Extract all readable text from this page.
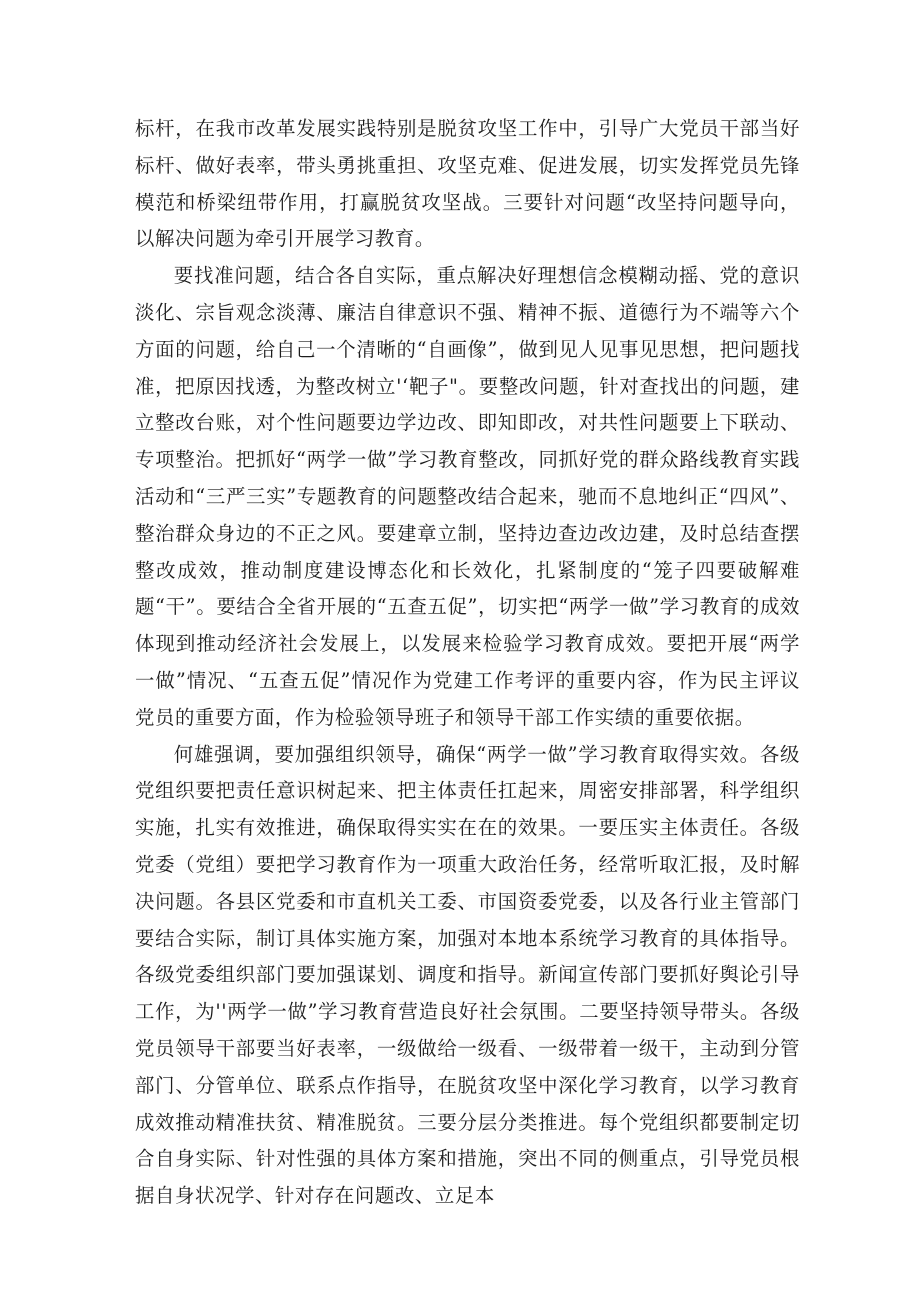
标杆，在我市改革发展实践特别是脱贫攻坚工作中，引导广大党员干部当好标杆、做好表率，带头勇挑重担、攻坚克难、促进发展，切实发挥党员先锋模范和桥梁纽带作用，打赢脱贫攻坚战。三要针对问题“改坚持问题导向，以解决问题为牵引开展学习教育。

要找准问题，结合各自实际，重点解决好理想信念模糊动摇、党的意识淡化、宗旨观念淡薄、廉洁自律意识不强、精神不振、道德行为不端等六个方面的问题，给自己一个清晰的“自画像”，做到见人见事见思想，把问题找准，把原因找透，为整改树立'‘靶子"。要整改问题，针对查找出的问题，建立整改台账，对个性问题要边学边改、即知即改，对共性问题要上下联动、专项整治。把抓好“两学一做”学习教育整改，同抓好党的群众路线教育实践活动和“三严三实”专题教育的问题整改结合起来，驰而不息地纠正“四风”、整治群众身边的不正之风。要建章立制，坚持边查边改边建，及时总结查摆整改成效，推动制度建设博态化和长效化，扎紧制度的“笼子四要破解难题“干”。要结合全省开展的“五查五促”，切实把“两学一做”学习教育的成效体现到推动经济社会发展上，以发展来检验学习教育成效。要把开展“两学一做”情况、“五查五促”情况作为党建工作考评的重要内容，作为民主评议党员的重要方面，作为检验领导班子和领导干部工作实绩的重要依据。

何雄强调，要加强组织领导，确保“两学一做”学习教育取得实效。各级党组织要把责任意识树起来、把主体责任扛起来，周密安排部署，科学组织实施，扎实有效推进，确保取得实实在在的效果。一要压实主体责任。各级党委（党组）要把学习教育作为一项重大政治任务，经常听取汇报，及时解决问题。各县区党委和市直机关工委、市国资委党委，以及各行业主管部门要结合实际，制订具体实施方案，加强对本地本系统学习教育的具体指导。各级党委组织部门要加强谋划、调度和指导。新闻宣传部门要抓好舆论引导工作，为''两学一做”学习教育营造良好社会氛围。二要坚持领导带头。各级党员领导干部要当好表率，一级做给一级看、一级带着一级干，主动到分管部门、分管单位、联系点作指导，在脱贫攻坚中深化学习教育，以学习教育成效推动精准扶贫、精准脱贫。三要分层分类推进。每个党组织都要制定切合自身实际、针对性强的具体方案和措施，突出不同的侧重点，引导党员根据自身状况学、针对存在问题改、立足本
